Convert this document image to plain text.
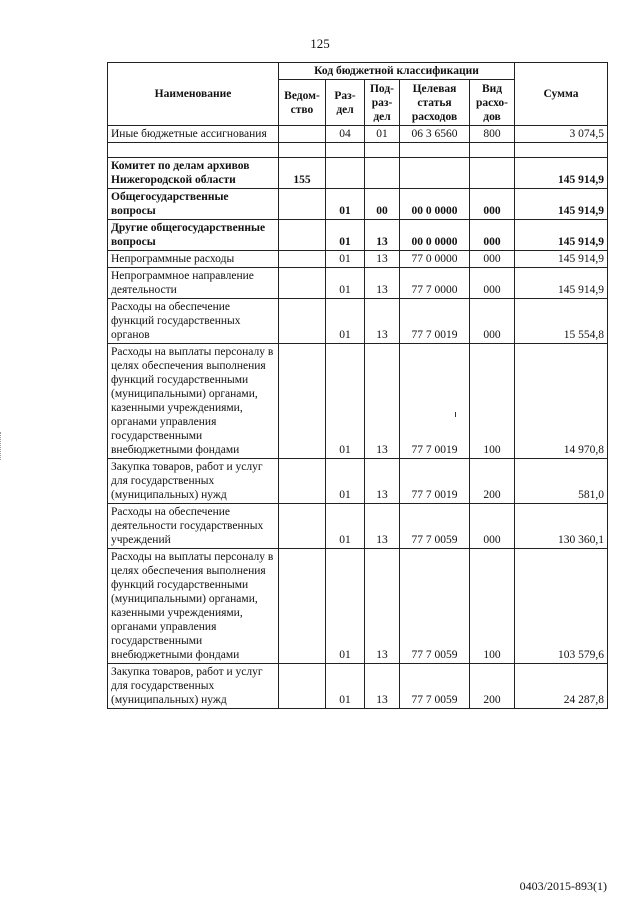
125
Наименование	Код бюджетной классификации					Сумма
	Ведом-ство	Раз-дел	Под-раз-дел	Целевая статья расходов	Вид расхо-дов	
Иные бюджетные ассигнования		04	01	06 3 6560	800	3 074,5

Комитет по делам архивов Нижегородской области	155					145 914,9
Общегосударственные вопросы		01	00	00 0 0000	000	145 914,9
Другие общегосударственные вопросы		01	13	00 0 0000	000	145 914,9
Непрограммные расходы		01	13	77 0 0000	000	145 914,9
Непрограммное направление деятельности		01	13	77 7 0000	000	145 914,9
Расходы на обеспечение функций государственных органов		01	13	77 7 0019	000	15 554,8
Расходы на выплаты персоналу в целях обеспечения выполнения функций государственными (муниципальными) органами, казенными учреждениями, органами управления государственными внебюджетными фондами		01	13	77 7 0019	100	14 970,8
Закупка товаров, работ и услуг для государственных (муниципальных) нужд		01	13	77 7 0019	200	581,0
Расходы на обеспечение деятельности государственных учреждений		01	13	77 7 0059	000	130 360,1
Расходы на выплаты персоналу в целях обеспечения выполнения функций государственными (муниципальными) органами, казенными учреждениями, органами управления государственными внебюджетными фондами		01	13	77 7 0059	100	103 579,6
Закупка товаров, работ и услуг для государственных (муниципальных) нужд		01	13	77 7 0059	200	24 287,8
0403/2015-893(1)
